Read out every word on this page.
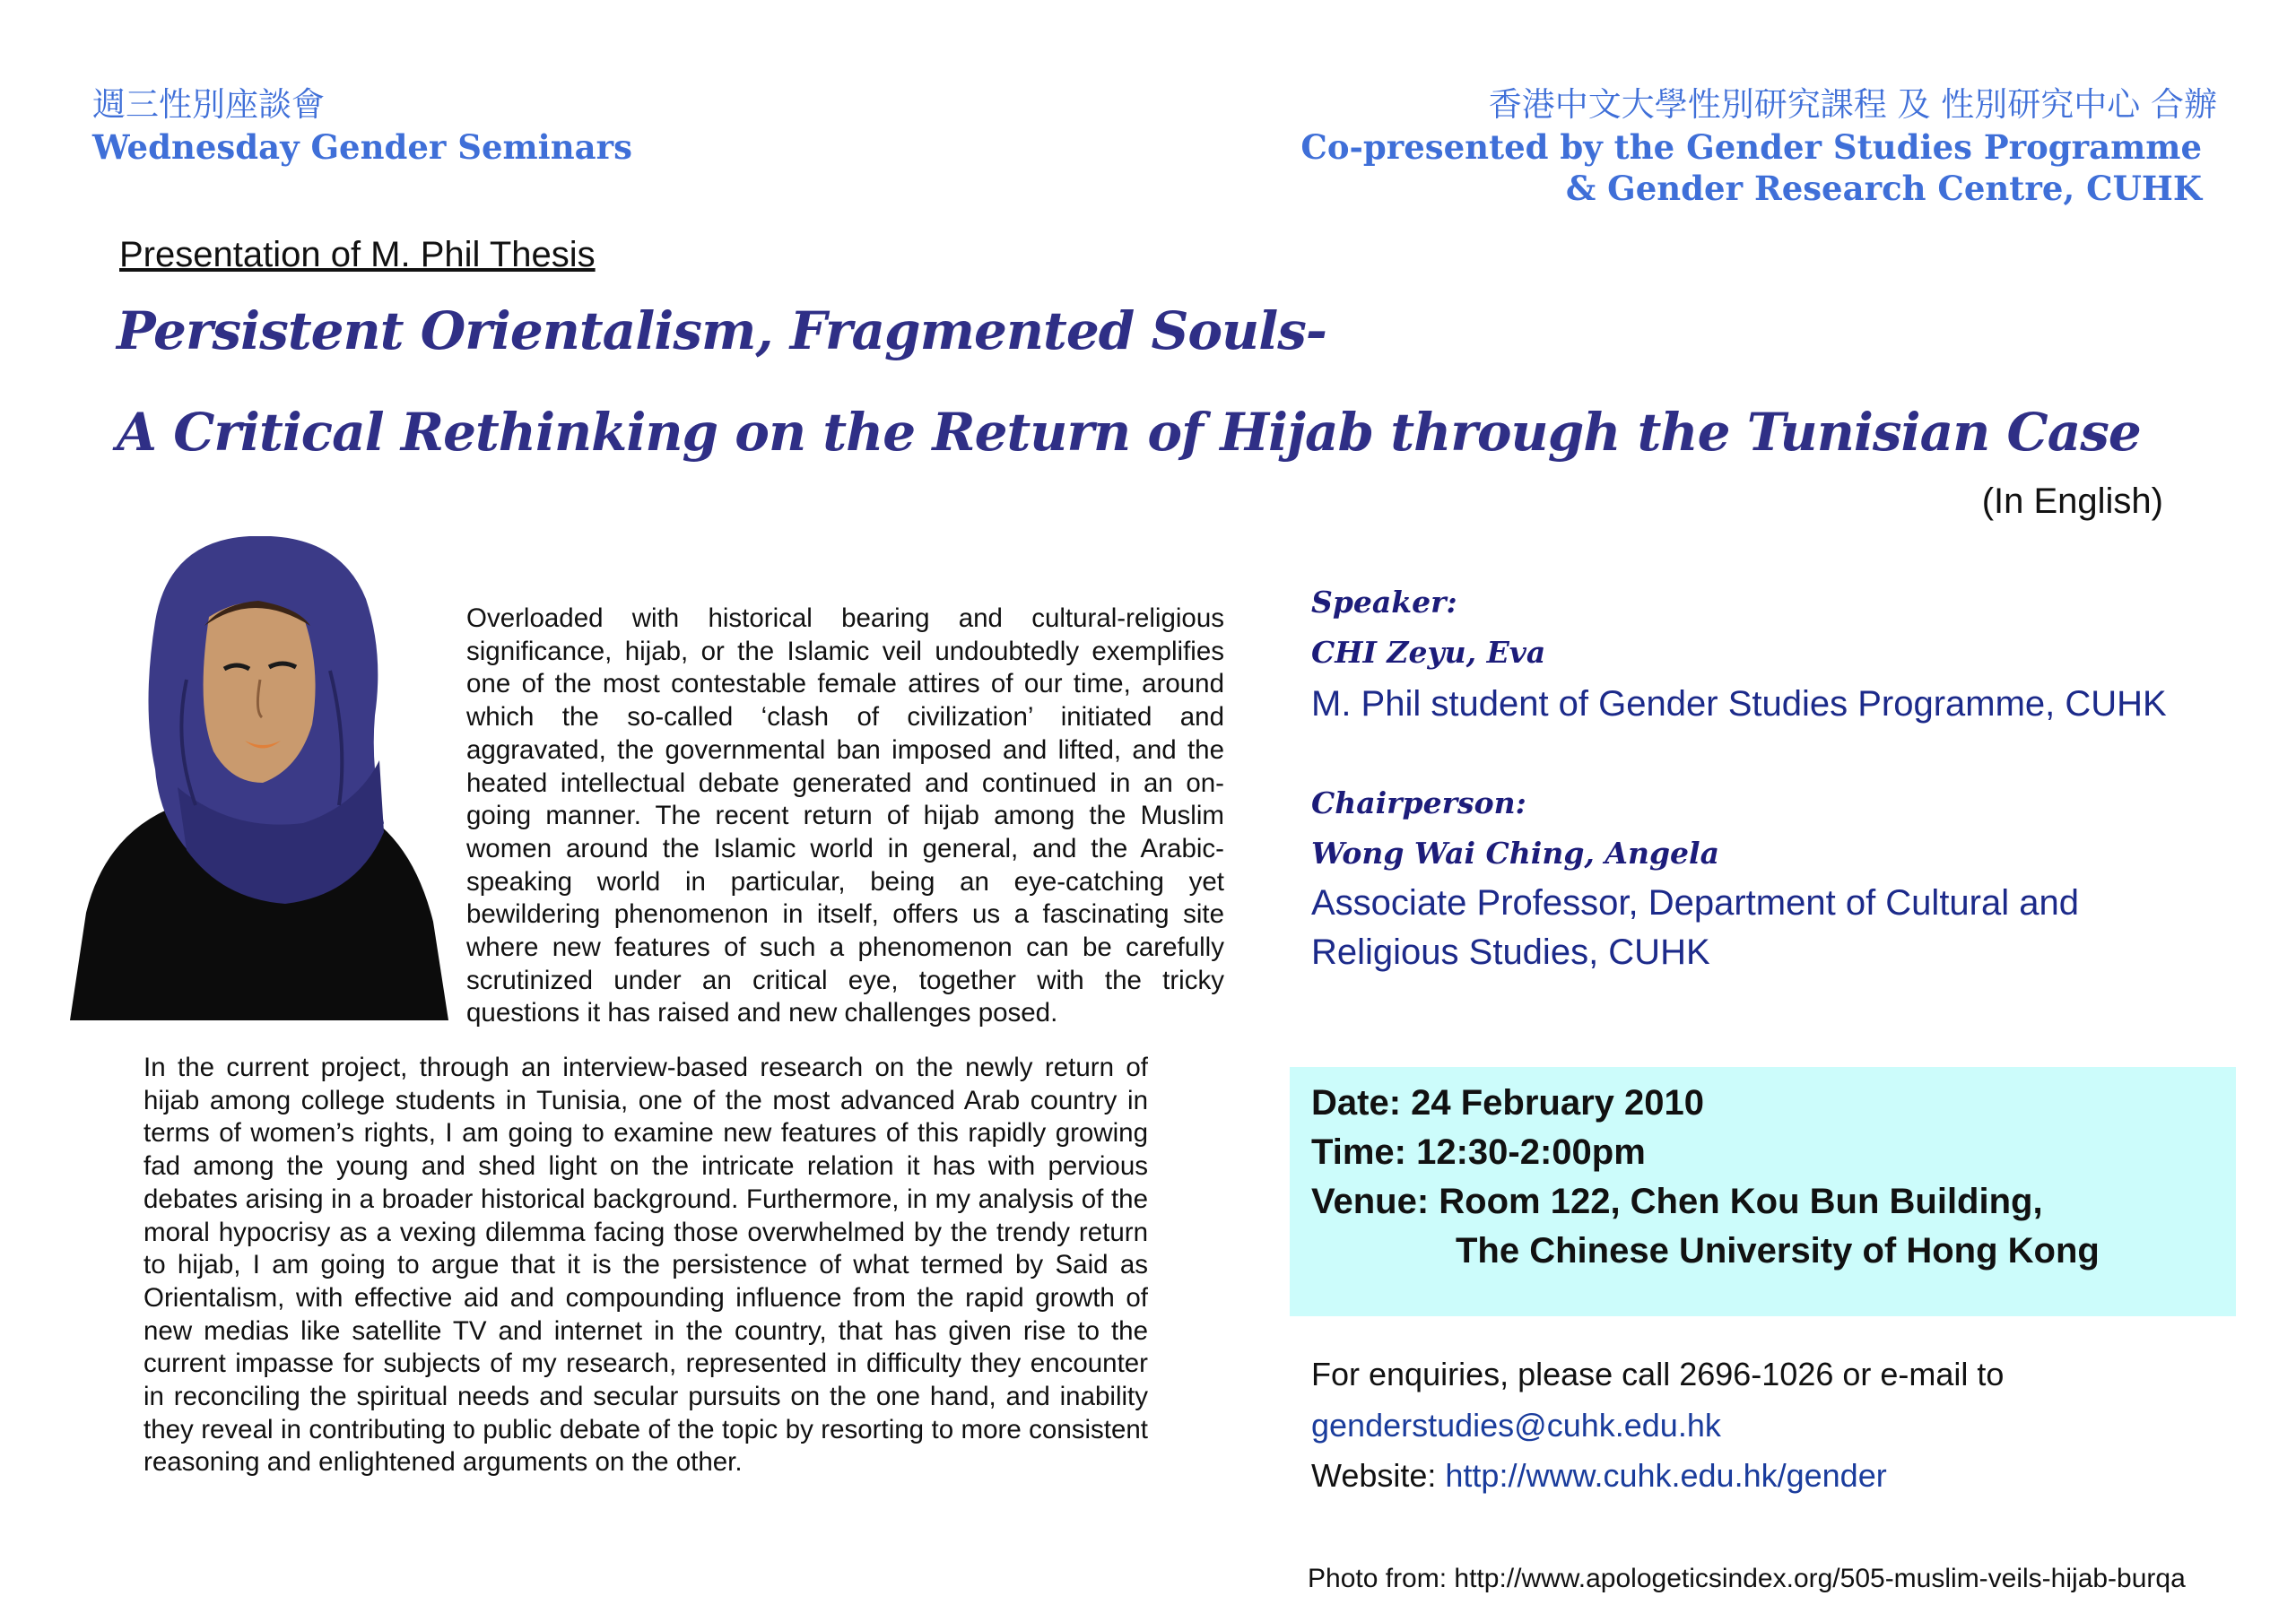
週三性別座談會
Wednesday Gender Seminars
香港中文大學性別研究課程 及 性別研究中心 合辦
Co-presented by the Gender Studies Programme
& Gender Research Centre, CUHK
Presentation of M. Phil Thesis
Persistent Orientalism, Fragmented Souls-
A Critical Rethinking on the Return of Hijab through the Tunisian Case
(In English)
Overloaded with historical bearing and cultural-religious significance, hijab, or the Islamic veil undoubtedly exemplifies one of the most contestable female attires of our time, around which the so-called ‘clash of civilization’ initiated and aggravated, the governmental ban imposed and lifted, and the heated intellectual debate generated and continued in an on-going manner. The recent return of hijab among the Muslim women around the Islamic world in general, and the Arabic-speaking world in particular, being an eye-catching yet bewildering phenomenon in itself, offers us a fascinating site where new features of such a phenomenon can be carefully scrutinized under an critical eye, together with the tricky questions it has raised and new challenges posed.
In the current project, through an interview-based research on the newly return of hijab among college students in Tunisia, one of the most advanced Arab country in terms of women’s rights, I am going to examine new features of this rapidly growing fad among the young and shed light on the intricate relation it has with pervious debates arising in a broader historical background. Furthermore, in my analysis of the moral hypocrisy as a vexing dilemma facing those overwhelmed by the trendy return to hijab, I am going to argue that it is the persistence of what termed by Said as Orientalism, with effective aid and compounding influence from the rapid growth of new medias like satellite TV and internet in the country, that has given rise to the current impasse for subjects of my research, represented in difficulty they encounter in reconciling the spiritual needs and secular pursuits on the one hand, and inability they reveal in contributing to public debate of the topic by resorting to more consistent reasoning and enlightened arguments on the other.
Speaker:
CHI Zeyu, Eva
M. Phil student of Gender Studies Programme, CUHK
Chairperson:
Wong Wai Ching, Angela
Associate Professor, Department of Cultural and
Religious Studies, CUHK
Date: 24 February 2010
Time: 12:30-2:00pm
Venue: Room 122, Chen Kou Bun Building,
The Chinese University of Hong Kong
For enquiries, please call 2696-1026 or e-mail to
genderstudies@cuhk.edu.hk
Website: http://www.cuhk.edu.hk/gender
Photo from: http://www.apologeticsindex.org/505-muslim-veils-hijab-burqa
